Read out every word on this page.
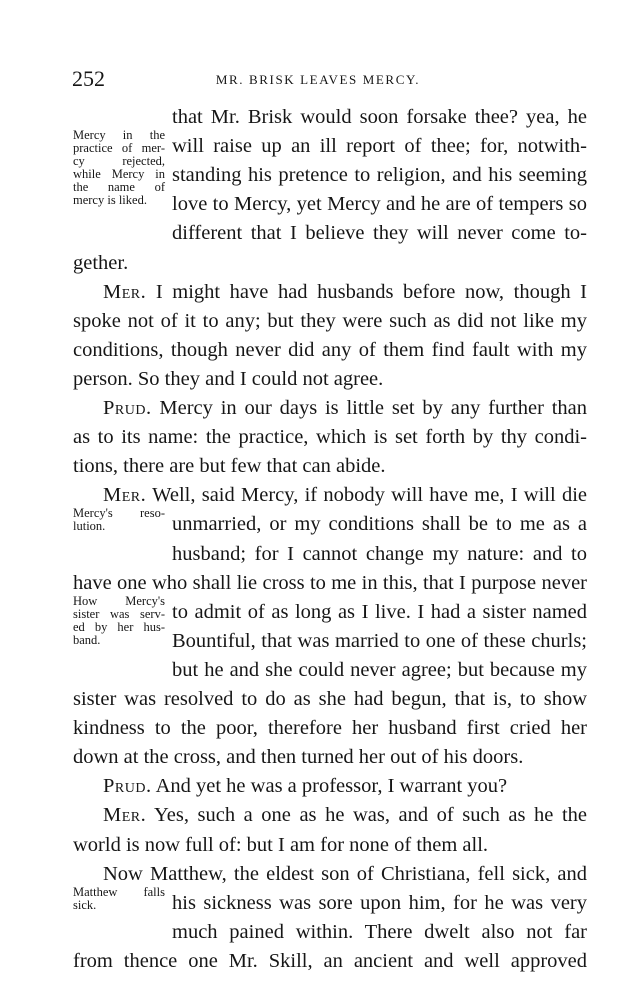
252	MR. BRISK LEAVES MERCY.
Mercy in the
practice of mer-
cy rejected,
while Mercy in
the name of
mercy is liked.
Mercy's reso-
lution.
How Mercy's
sister was serv-
ed by her hus-
band.
Matthew falls
sick.
that Mr. Brisk would soon forsake thee? yea, he
will raise up an ill report of thee; for, notwith-
standing his pretence to religion, and his seeming
love to Mercy, yet Mercy and he are of tempers so
different that I believe they will never come to-
gether.
Mer. I might have had husbands before now, though I
spoke not of it to any; but they were such as did not like my
conditions, though never did any of them find fault with my
person. So they and I could not agree.
Prud. Mercy in our days is little set by any further than
as to its name: the practice, which is set forth by thy condi-
tions, there are but few that can abide.
Mer. Well, said Mercy, if nobody will have me, I will die
unmarried, or my conditions shall be to me as a
husband; for I cannot change my nature: and to
have one who shall lie cross to me in this, that I purpose never
to admit of as long as I live. I had a sister named
Bountiful, that was married to one of these churls;
but he and she could never agree; but because my
sister was resolved to do as she had begun, that is, to show
kindness to the poor, therefore her husband first cried her
down at the cross, and then turned her out of his doors.
Prud. And yet he was a professor, I warrant you?
Mer. Yes, such a one as he was, and of such as he the
world is now full of: but I am for none of them all.
Now Matthew, the eldest son of Christiana, fell sick, and
his sickness was sore upon him, for he was very
much pained within. There dwelt also not far
from thence one Mr. Skill, an ancient and well approved
